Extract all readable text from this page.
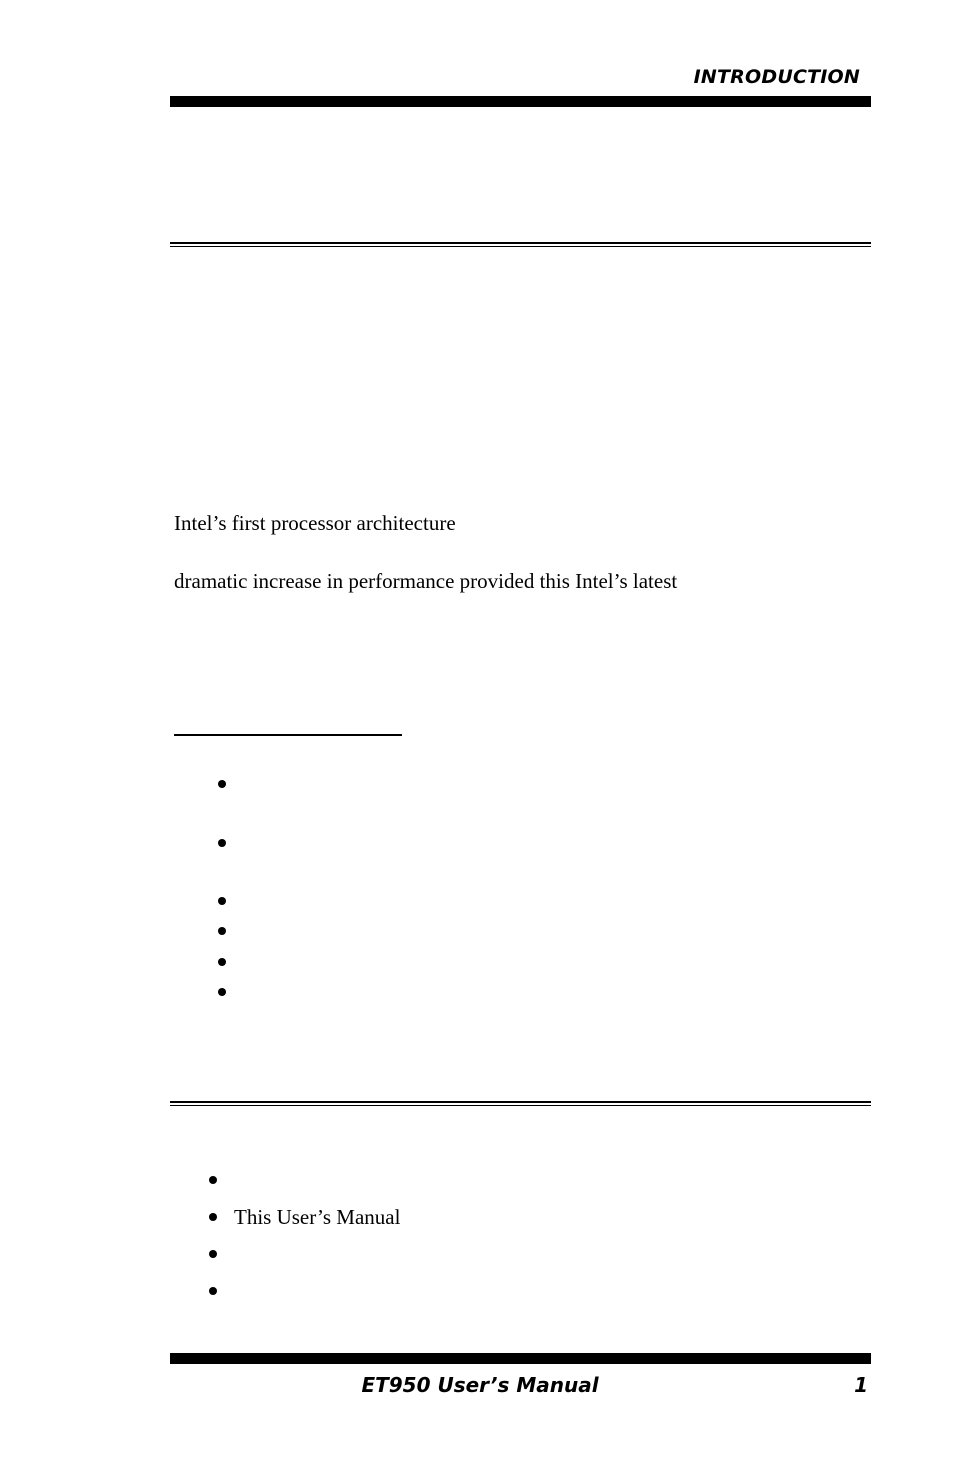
INTRODUCTION
Intel’s first processor architecture
dramatic increase in performance provided this Intel’s latest
This User’s Manual
ET950 User’s Manual	1
